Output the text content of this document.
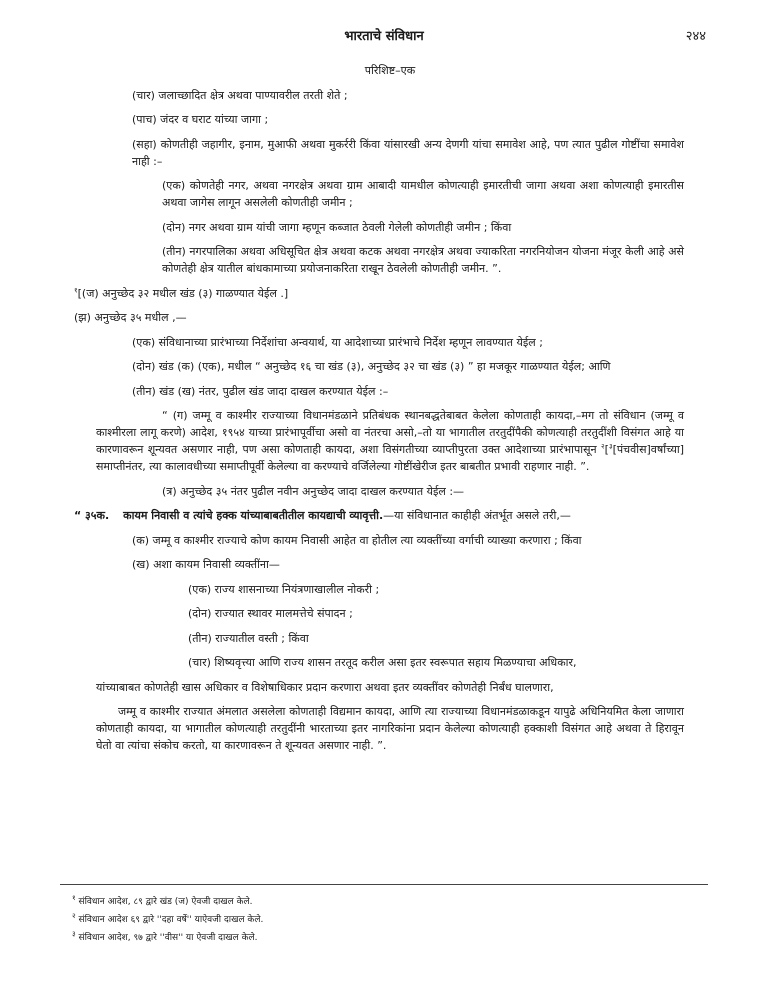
भारताचे संविधान	२४४

परिशिष्ट–एक

(चार) जलाच्छादित क्षेत्र अथवा पाण्यावरील तरती शेते ;

(पाच) जंदर व घराट यांच्या जागा ;

(सहा) कोणतीही जहागीर, इनाम, मुआफी अथवा मुकर्ररी किंवा यांसारखी अन्य देणगी यांचा समावेश आहे, पण त्यात पुढील गोष्टींचा समावेश नाही :–

(एक) कोणतेही नगर, अथवा नगरक्षेत्र अथवा ग्राम आबादी यामधील कोणत्याही इमारतीची जागा अथवा अशा कोणत्याही इमारतीस अथवा जागेस लागून असलेली कोणतीही जमीन ;

(दोन) नगर अथवा ग्राम यांची जागा म्हणून कब्जात ठेवली गेलेली कोणतीही जमीन ; किंवा

(तीन) नगरपालिका अथवा अधिसूचित क्षेत्र अथवा कटक अथवा नगरक्षेत्र अथवा ज्याकरिता नगरनियोजन योजना मंजूर केली आहे असे कोणतेही क्षेत्र यातील बांधकामाच्या प्रयोजनाकरिता राखून ठेवलेली कोणतीही जमीन. ”.

$^१$[(ज) अनुच्छेद ३२ मधील खंड (३) गाळण्यात येईल .]

(झ) अनुच्छेद ३५ मधील ,—

(एक) संविधानाच्या प्रारंभाच्या निर्देशांचा अन्वयार्थ, या आदेशाच्या प्रारंभाचे निर्देश म्हणून लावण्यात येईल ;

(दोन) खंड (क) (एक), मधील “ अनुच्छेद १६ चा खंड (३), अनुच्छेद ३२ चा खंड (३) ” हा मजकूर गाळण्यात येईल; आणि

(तीन) खंड (ख) नंतर, पुढील खंड जादा दाखल करण्यात येईल :–

“ (ग) जम्मू व काश्मीर राज्याच्या विधानमंडळाने प्रतिबंधक स्थानबद्धतेबाबत केलेला कोणताही कायदा,–मग तो संविधान (जम्मू व काश्मीरला लागू करणे) आदेश, १९५४ याच्या प्रारंभापूर्वीचा असो वा नंतरचा असो,–तो या भागातील तरतुदींपैकी कोणत्याही तरतुदींशी विसंगत आहे या कारणावरून शून्यवत असणार नाही, पण असा कोणताही कायदा, अशा विसंगतीच्या व्याप्तीपुरता उक्त आदेशाच्या प्रारंभापासून $^२$[$^३$[पंचवीस]वर्षांच्या] समाप्तीनंतर, त्या कालावधीच्या समाप्तीपूर्वी केलेल्या वा करण्याचे वर्जिलेल्या गोष्टींखेरीज इतर बाबतीत प्रभावी राहणार नाही. ”.

(त्र) अनुच्छेद ३५ नंतर पुढील नवीन अनुच्छेद जादा दाखल करण्यात येईल :—

“ ३५क. कायम निवासी व त्यांचे हक्क यांच्याबाबतीतील कायद्याची व्यावृत्ती.—या संविधानात काहीही अंतर्भूत असले तरी,—

(क) जम्मू व काश्मीर राज्याचे कोण कायम निवासी आहेत वा होतील त्या व्यक्तींच्या वर्गाची व्याख्या करणारा ; किंवा

(ख) अशा कायम निवासी व्यक्तींना—

(एक) राज्य शासनाच्या नियंत्रणाखालील नोकरी ;

(दोन) राज्यात स्थावर मालमत्तेचे संपादन ;

(तीन) राज्यातील वस्ती ; किंवा

(चार) शिष्यवृत्त्या आणि राज्य शासन तरतूद करील असा इतर स्वरूपात सहाय मिळण्याचा अधिकार,

यांच्याबाबत कोणतेही खास अधिकार व विशेषाधिकार प्रदान करणारा अथवा इतर व्यक्तींवर कोणतेही निर्बंध घालणारा,

जम्मू व काश्मीर राज्यात अंमलात असलेला कोणताही विद्यमान कायदा, आणि त्या राज्याच्या विधानमंडळाकडून यापुढे अधिनियमित केला जाणारा कोणताही कायदा, या भागातील कोणत्याही तरतुदींनी भारताच्या इतर नागरिकांना प्रदान केलेल्या कोणत्याही हक्काशी विसंगत आहे अथवा ते हिरावून घेतो वा त्यांचा संकोच करतो, या कारणावरून ते शून्यवत असणार नाही. ”.

$^१$ संविधान आदेश, ८९ द्वारे खंड (ज) ऐवजी दाखल केले.

$^२$ संविधान आदेश ६९ द्वारे ''दहा वर्षे'' याऐवजी दाखल केले.

$^३$ संविधान आदेश, ९७ द्वारे ''वीस'' या ऐवजी दाखल केले.
